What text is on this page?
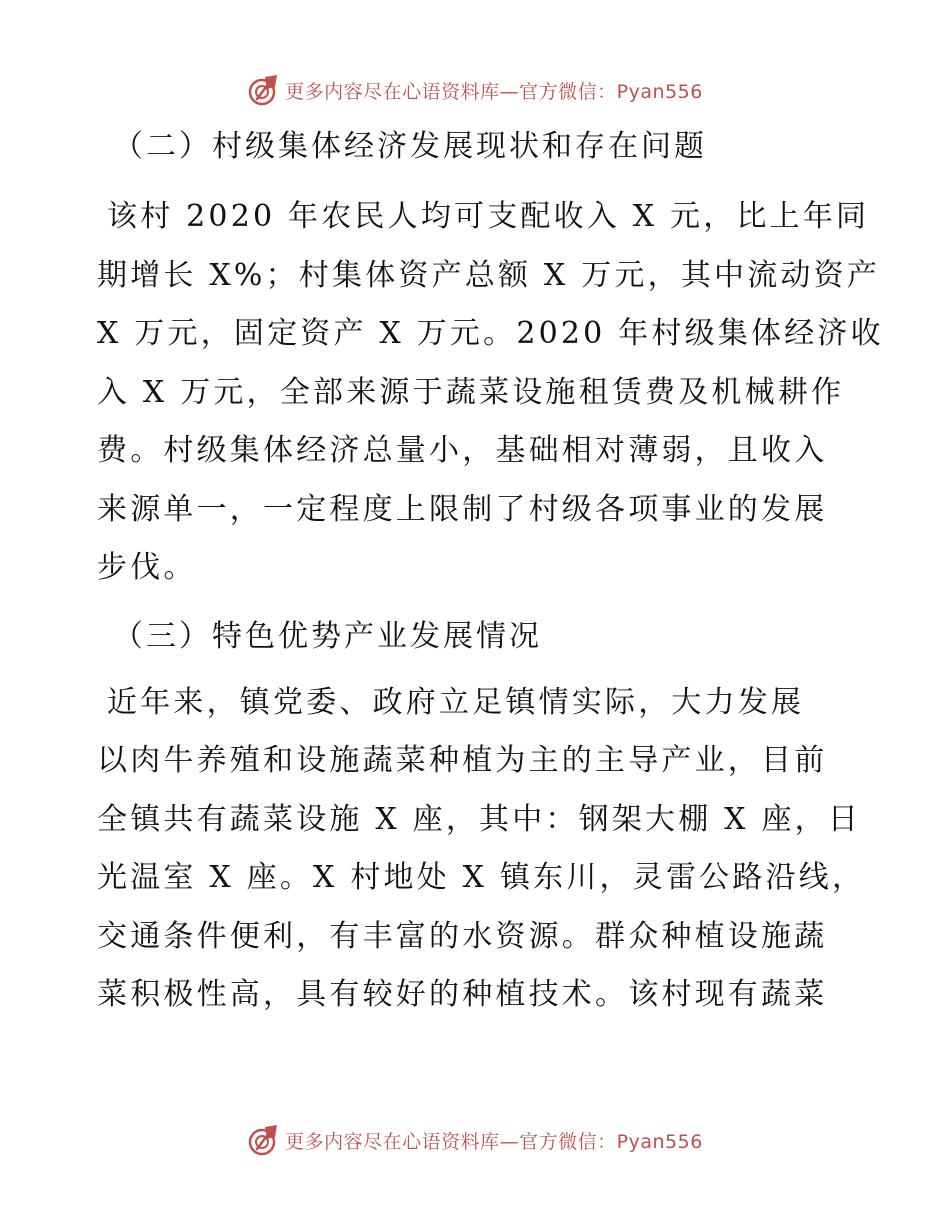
更多内容尽在心语资料库—官方微信：Pyan556
（二）村级集体经济发展现状和存在问题

该村 2020 年农民人均可支配收入 X 元，比上年同
期增长 X%；村集体资产总额 X 万元，其中流动资产
X 万元，固定资产 X 万元。2020 年村级集体经济收
入 X 万元，全部来源于蔬菜设施租赁费及机械耕作
费。村级集体经济总量小，基础相对薄弱，且收入
来源单一，一定程度上限制了村级各项事业的发展
步伐。

（三）特色优势产业发展情况

近年来，镇党委、政府立足镇情实际，大力发展
以肉牛养殖和设施蔬菜种植为主的主导产业，目前
全镇共有蔬菜设施 X 座，其中：钢架大棚 X 座，日
光温室 X 座。X 村地处 X 镇东川，灵雷公路沿线，
交通条件便利，有丰富的水资源。群众种植设施蔬
菜积极性高，具有较好的种植技术。该村现有蔬菜

更多内容尽在心语资料库—官方微信：Pyan556
